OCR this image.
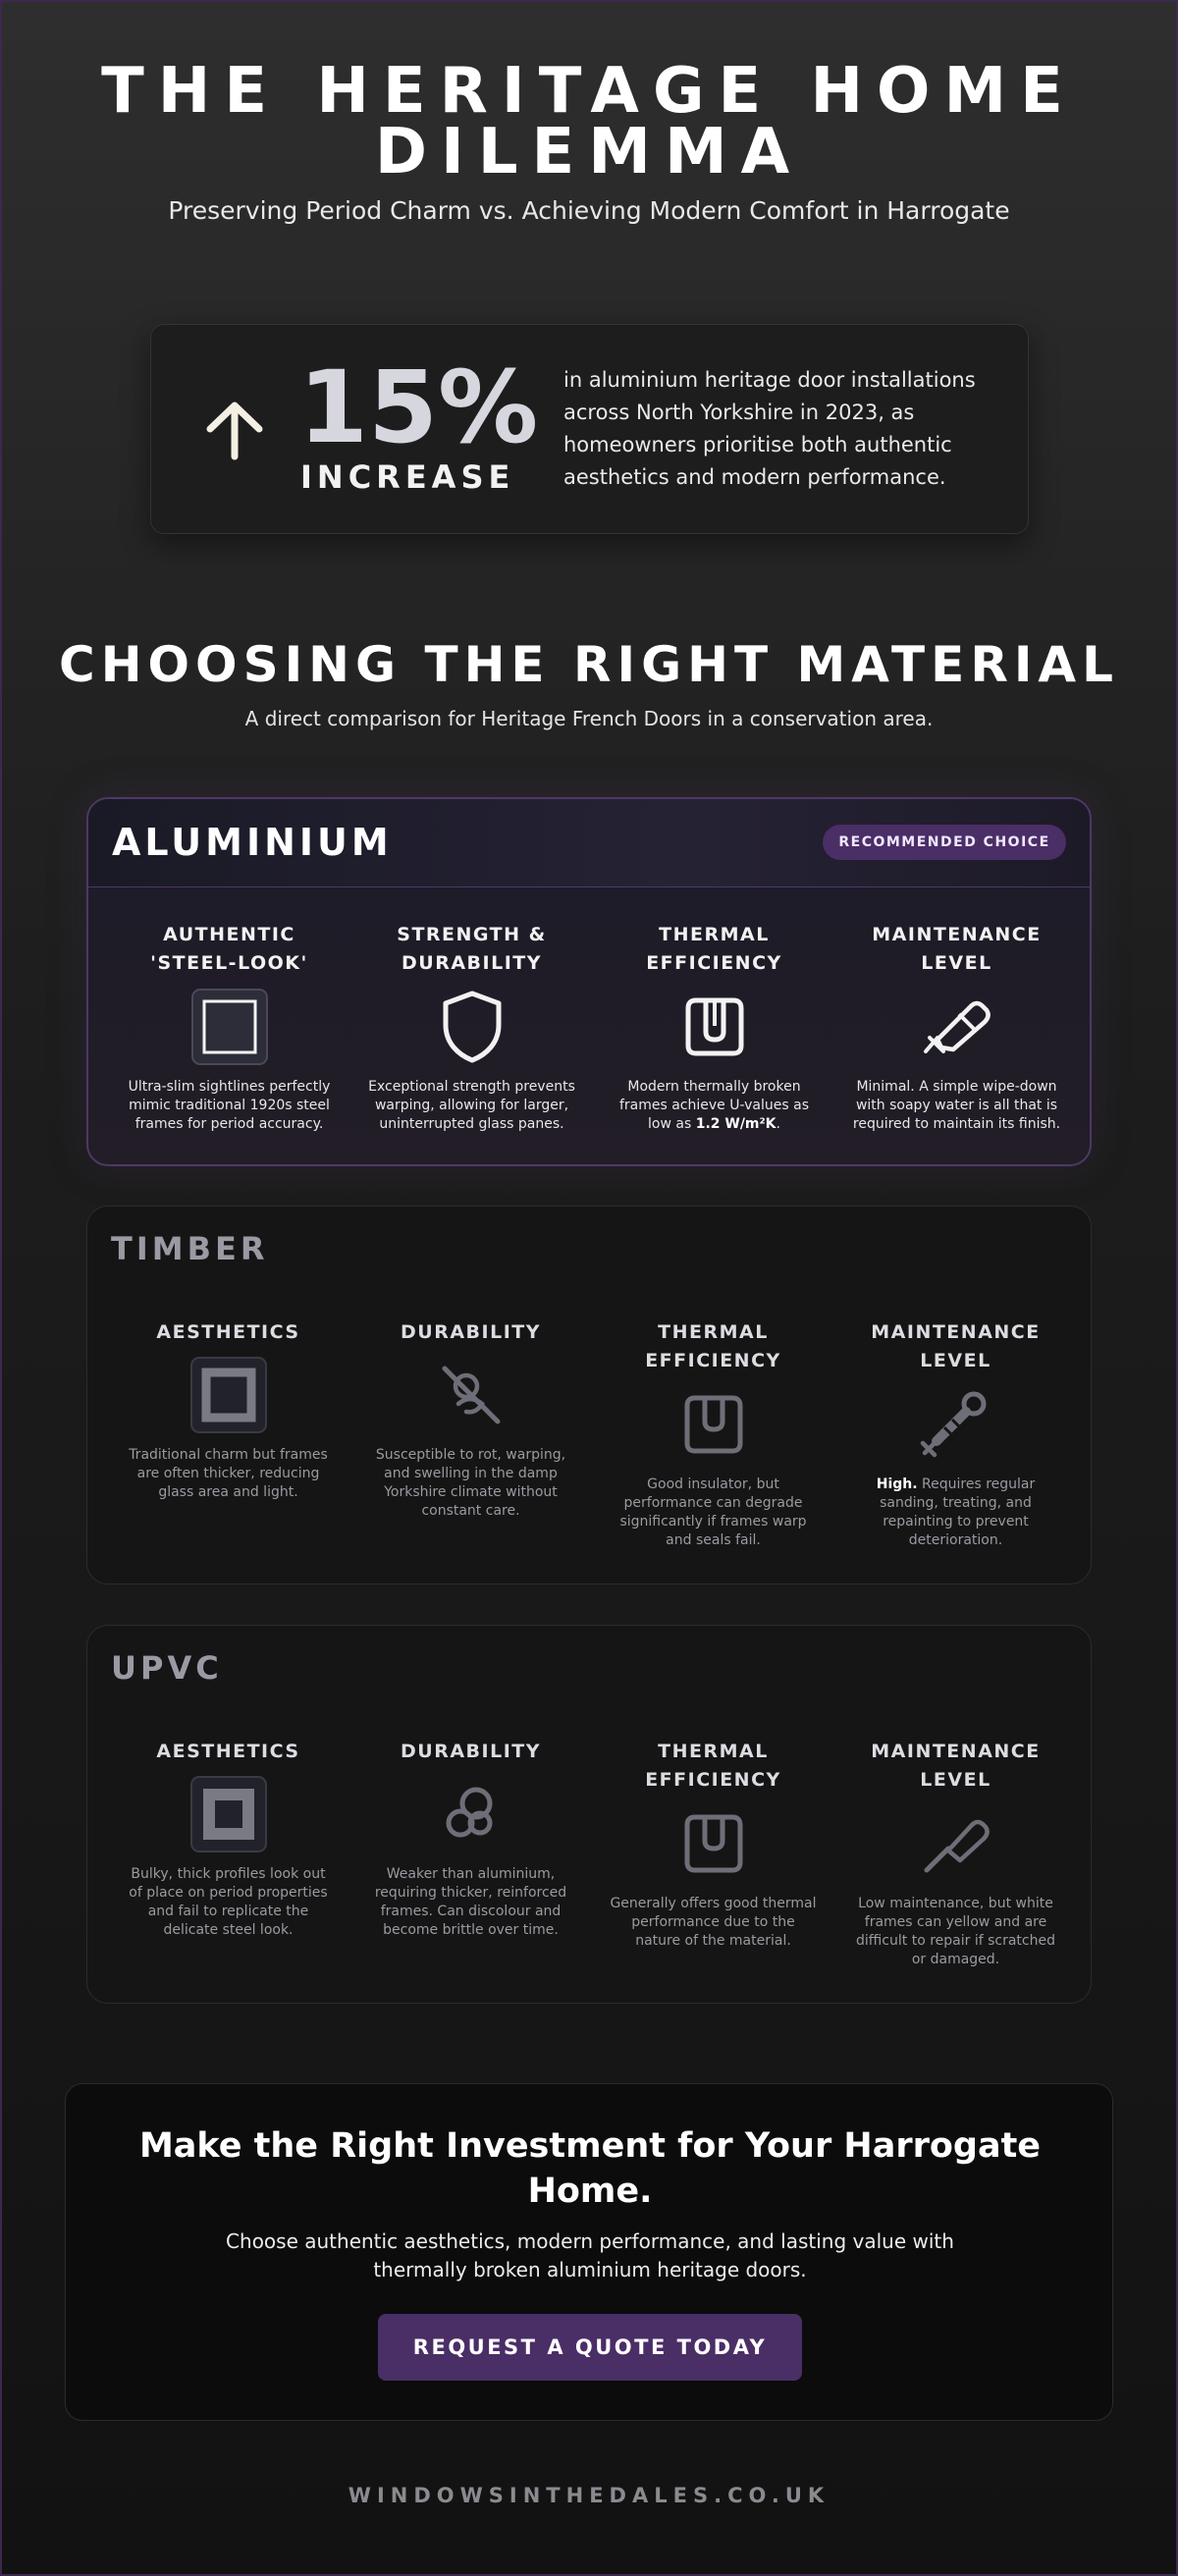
THE HERITAGE HOME DILEMMA

Preserving Period Charm vs. Achieving Modern Comfort in Harrogate

15%
INCREASE

in aluminium heritage door installations across North Yorkshire in 2023, as homeowners prioritise both authentic aesthetics and modern performance.

CHOOSING THE RIGHT MATERIAL

A direct comparison for Heritage French Doors in a conservation area.

ALUMINIUM	RECOMMENDED CHOICE
AUTHENTIC 'STEEL-LOOK'

Ultra-slim sightlines perfectly mimic traditional 1920s steel frames for period accuracy.

STRENGTH & DURABILITY

Exceptional strength prevents warping, allowing for larger, uninterrupted glass panes.

THERMAL EFFICIENCY

Modern thermally broken frames achieve U-values as low as 1.2 W/m²K.

MAINTENANCE LEVEL

Minimal. A simple wipe-down with soapy water is all that is required to maintain its finish.

TIMBER
AESTHETICS

Traditional charm but frames are often thicker, reducing glass area and light.

DURABILITY

Susceptible to rot, warping, and swelling in the damp Yorkshire climate without constant care.

THERMAL EFFICIENCY

Good insulator, but performance can degrade significantly if frames warp and seals fail.

MAINTENANCE LEVEL

High. Requires regular sanding, treating, and repainting to prevent deterioration.

UPVC
AESTHETICS

Bulky, thick profiles look out of place on period properties and fail to replicate the delicate steel look.

DURABILITY

Weaker than aluminium, requiring thicker, reinforced frames. Can discolour and become brittle over time.

THERMAL EFFICIENCY

Generally offers good thermal performance due to the nature of the material.

MAINTENANCE LEVEL

Low maintenance, but white frames can yellow and are difficult to repair if scratched or damaged.

Make the Right Investment for Your Harrogate Home.

Choose authentic aesthetics, modern performance, and lasting value with thermally broken aluminium heritage doors.

REQUEST A QUOTE TODAY
WINDOWSINTHEDALES.CO.UK
